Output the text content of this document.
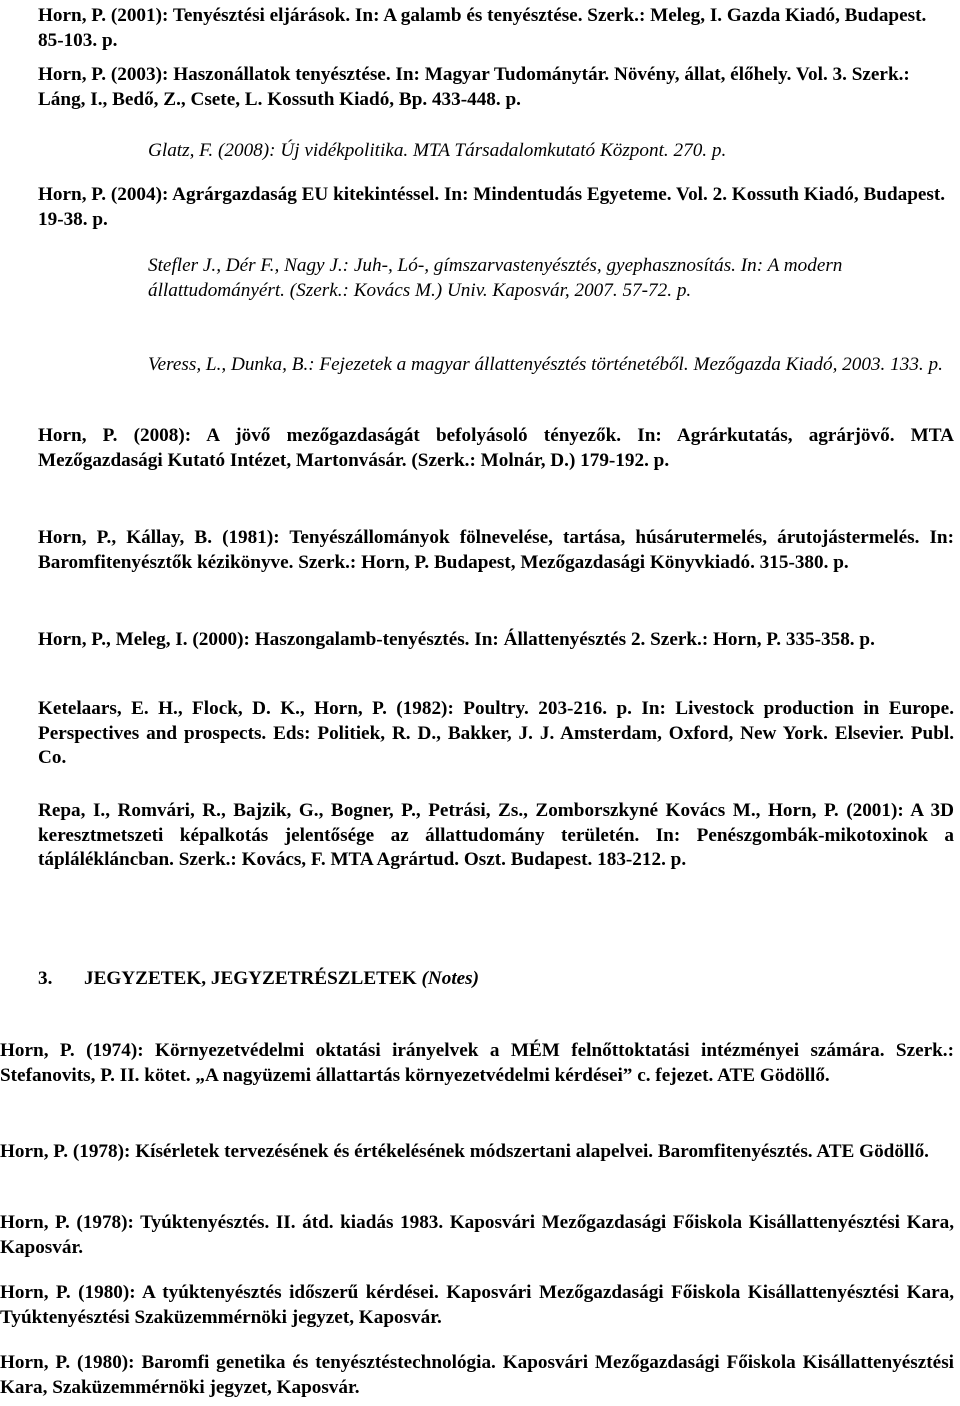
Horn, P. (2001): Tenyésztési eljárások. In: A galamb és tenyésztése. Szerk.: Meleg, I. Gazda Kiadó, Budapest. 85-103. p.

Horn, P. (2003): Haszonállatok tenyésztése. In: Magyar Tudománytár. Növény, állat, élőhely. Vol. 3. Szerk.: Láng, I., Bedő, Z., Csete, L. Kossuth Kiadó, Bp. 433-448. p.

Glatz, F. (2008): Új vidékpolitika. MTA Társadalomkutató Központ. 270. p.

Horn, P. (2004): Agrárgazdaság EU kitekintéssel. In: Mindentudás Egyeteme. Vol. 2. Kossuth Kiadó, Budapest. 19-38. p.

Stefler J., Dér F., Nagy J.: Juh-, Ló-, gímszarvastenyésztés, gyephasznosítás. In: A modern állattudományért. (Szerk.: Kovács M.) Univ. Kaposvár, 2007. 57-72. p.

Veress, L., Dunka, B.: Fejezetek a magyar állattenyésztés történetéből. Mezőgazda Kiadó, 2003. 133. p.

Horn, P. (2008): A jövő mezőgazdaságát befolyásoló tényezők. In: Agrárkutatás, agrárjövő. MTA Mezőgazdasági Kutató Intézet, Martonvásár. (Szerk.: Molnár, D.) 179-192. p.

Horn, P., Kállay, B. (1981): Tenyészállományok fölnevelése, tartása, húsárutermelés, árutojástermelés. In: Baromfitenyésztők kézikönyve. Szerk.: Horn, P. Budapest, Mezőgazdasági Könyvkiadó. 315-380. p.

Horn, P., Meleg, I. (2000): Haszongalamb-tenyésztés. In: Állattenyésztés 2. Szerk.: Horn, P. 335-358. p.

Ketelaars, E. H., Flock, D. K., Horn, P. (1982): Poultry. 203-216. p. In: Livestock production in Europe. Perspectives and prospects. Eds: Politiek, R. D., Bakker, J. J. Amsterdam, Oxford, New York. Elsevier. Publ. Co.

Repa, I., Romvári, R., Bajzik, G., Bogner, P., Petrási, Zs., Zomborszkyné Kovács M., Horn, P. (2001): A 3D keresztmetszeti képalkotás jelentősége az állattudomány területén. In: Penészgombák-mikotoxinok a táplálékláncban. Szerk.: Kovács, F. MTA Agrártud. Oszt. Budapest. 183-212. p.

3. JEGYZETEK, JEGYZETRÉSZLETEK (Notes)

Horn, P. (1974): Környezetvédelmi oktatási irányelvek a MÉM felnőttoktatási intézményei számára. Szerk.: Stefanovits, P. II. kötet. „A nagyüzemi állattartás környezetvédelmi kérdései” c. fejezet. ATE Gödöllő.

Horn, P. (1978): Kísérletek tervezésének és értékelésének módszertani alapelvei. Baromfitenyésztés. ATE Gödöllő.

Horn, P. (1978): Tyúktenyésztés. II. átd. kiadás 1983. Kaposvári Mezőgazdasági Főiskola Kisállattenyésztési Kara, Kaposvár.

Horn, P. (1980): A tyúktenyésztés időszerű kérdései. Kaposvári Mezőgazdasági Főiskola Kisállattenyésztési Kara, Tyúktenyésztési Szaküzemmérnöki jegyzet, Kaposvár.

Horn, P. (1980): Baromfi genetika és tenyésztéstechnológia. Kaposvári Mezőgazdasági Főiskola Kisállattenyésztési Kara, Szaküzemmérnöki jegyzet, Kaposvár.
